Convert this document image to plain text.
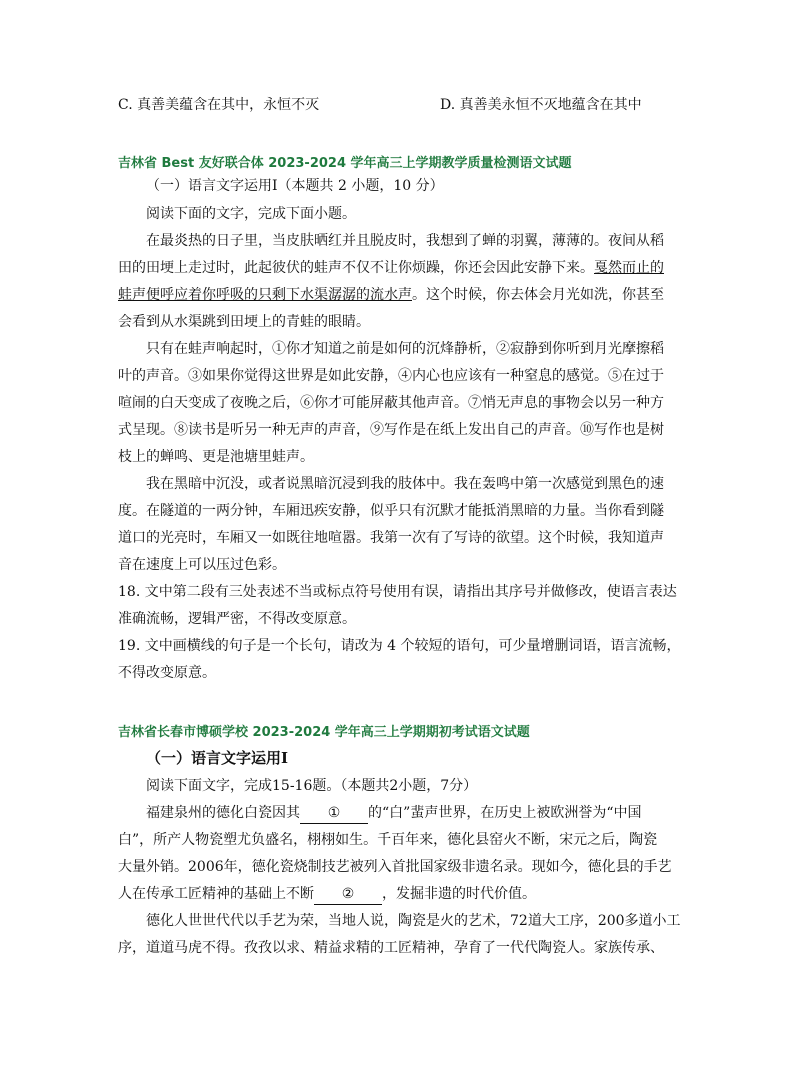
C. 真善美蕴含在其中，永恒不灭	D. 真善美永恒不灭地蕴含在其中
吉林省 Best 友好联合体 2023-2024 学年高三上学期教学质量检测语文试题
（一）语言文字运用Ⅰ（本题共 2 小题，10 分）
阅读下面的文字，完成下面小题。
在最炎热的日子里，当皮肤晒红并且脱皮时，我想到了蝉的羽翼，薄薄的。夜间从稻
田的田埂上走过时，此起彼伏的蛙声不仅不让你烦躁，你还会因此安静下来。戛然而止的
蛙声便呼应着你呼吸的只剩下水渠潺潺的流水声。这个时候，你去体会月光如洗，你甚至
会看到从水渠跳到田埂上的青蛙的眼睛。
只有在蛙声响起时，①你才知道之前是如何的沉烽静析，②寂静到你听到月光摩擦稻
叶的声音。③如果你觉得这世界是如此安静，④内心也应该有一种窒息的感觉。⑤在过于
喧闹的白天变成了夜晚之后，⑥你才可能屏蔽其他声音。⑦悄无声息的事物会以另一种方
式呈现。⑧读书是听另一种无声的声音，⑨写作是在纸上发出自己的声音。⑩写作也是树
枝上的蝉鸣、更是池塘里蛙声。
我在黑暗中沉没，或者说黑暗沉浸到我的肢体中。我在轰鸣中第一次感觉到黑色的速
度。在隧道的一两分钟，车厢迅疾安静，似乎只有沉默才能抵消黑暗的力量。当你看到隧
道口的光亮时，车厢又一如既往地喧嚣。我第一次有了写诗的欲望。这个时候，我知道声
音在速度上可以压过色彩。
18. 文中第二段有三处表述不当或标点符号使用有误，请指出其序号并做修改，使语言表达
准确流畅，逻辑严密，不得改变原意。
19. 文中画横线的句子是一个长句，请改为 4 个较短的语句，可少量增删词语，语言流畅，
不得改变原意。
吉林省长春市博硕学校 2023-2024 学年高三上学期期初考试语文试题
（一）语言文字运用Ⅰ
阅读下面文字，完成15-16题。（本题共2小题，7分）
福建泉州的德化白瓷因其 ① 的“白”蜚声世界，在历史上被欧洲誉为“中国
白”，所产人物瓷塑尤负盛名，栩栩如生。千百年来，德化县窑火不断，宋元之后，陶瓷
大量外销。2006年，德化瓷烧制技艺被列入首批国家级非遗名录。现如今，德化县的手艺
人在传承工匠精神的基础上不断 ② ，发掘非遗的时代价值。
德化人世世代代以手艺为荣，当地人说，陶瓷是火的艺术，72道大工序，200多道小工
序，道道马虎不得。孜孜以求、精益求精的工匠精神，孕育了一代代陶瓷人。家族传承、
